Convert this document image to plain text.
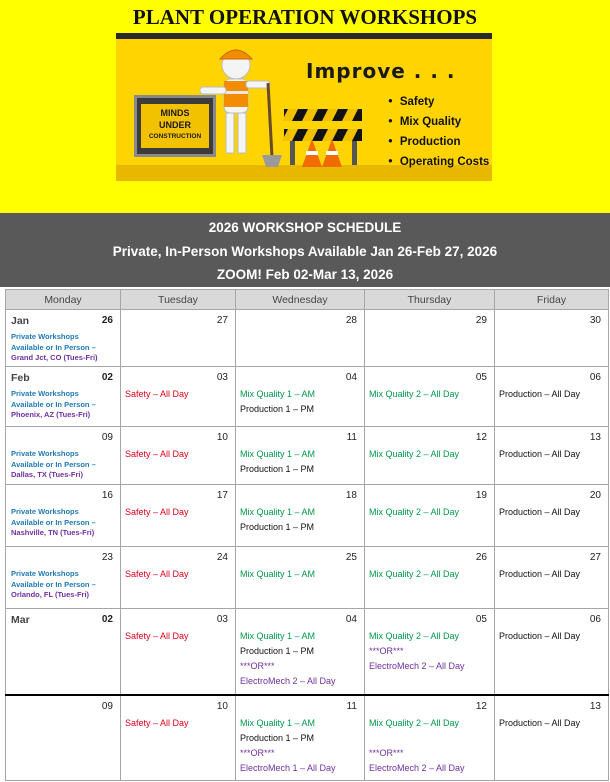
PLANT OPERATION WORKSHOPS
MINDS
UNDER
CONSTRUCTION
Improve . . .
● Safety
● Mix Quality
● Production
● Operating Costs
2026 WORKSHOP SCHEDULE
Private, In-Person Workshops Available Jan 26-Feb 27, 2026
ZOOM! Feb 02-Mar 13, 2026
Monday	Tuesday	Wednesday	Thursday	Friday

Jan 26
Private Workshops
Available or In Person –
Grand Jct, CO (Tues-Fri)	27	28	29	30

Feb 02
Private Workshops
Available or In Person –
Phoenix, AZ (Tues-Fri)	03
Safety – All Day	04
Mix Quality 1 – AM
Production 1 – PM	05
Mix Quality 2 – All Day	06
Production – All Day

09
Private Workshops
Available or In Person –
Dallas, TX (Tues-Fri)	10
Safety – All Day	11
Mix Quality 1 – AM
Production 1 – PM	12
Mix Quality 2 – All Day	13
Production – All Day

16
Private Workshops
Available or In Person –
Nashville, TN (Tues-Fri)	17
Safety – All Day	18
Mix Quality 1 – AM
Production 1 – PM	19
Mix Quality 2 – All Day	20
Production – All Day

23
Private Workshops
Available or In Person –
Orlando, FL (Tues-Fri)	24
Safety – All Day	25
Mix Quality 1 – AM	26
Mix Quality 2 – All Day	27
Production – All Day

Mar 02	03
Safety – All Day	04
Mix Quality 1 – AM
Production 1 – PM
***OR***
ElectroMech 2 – All Day	05
Mix Quality 2 – All Day
***OR***
ElectroMech 2 – All Day	06
Production – All Day

09	10
Safety – All Day	11
Mix Quality 1 – AM
Production 1 – PM
***OR***
ElectroMech 1 – All Day	12
Mix Quality 2 – All Day
***OR***
ElectroMech 2 – All Day	13
Production – All Day
